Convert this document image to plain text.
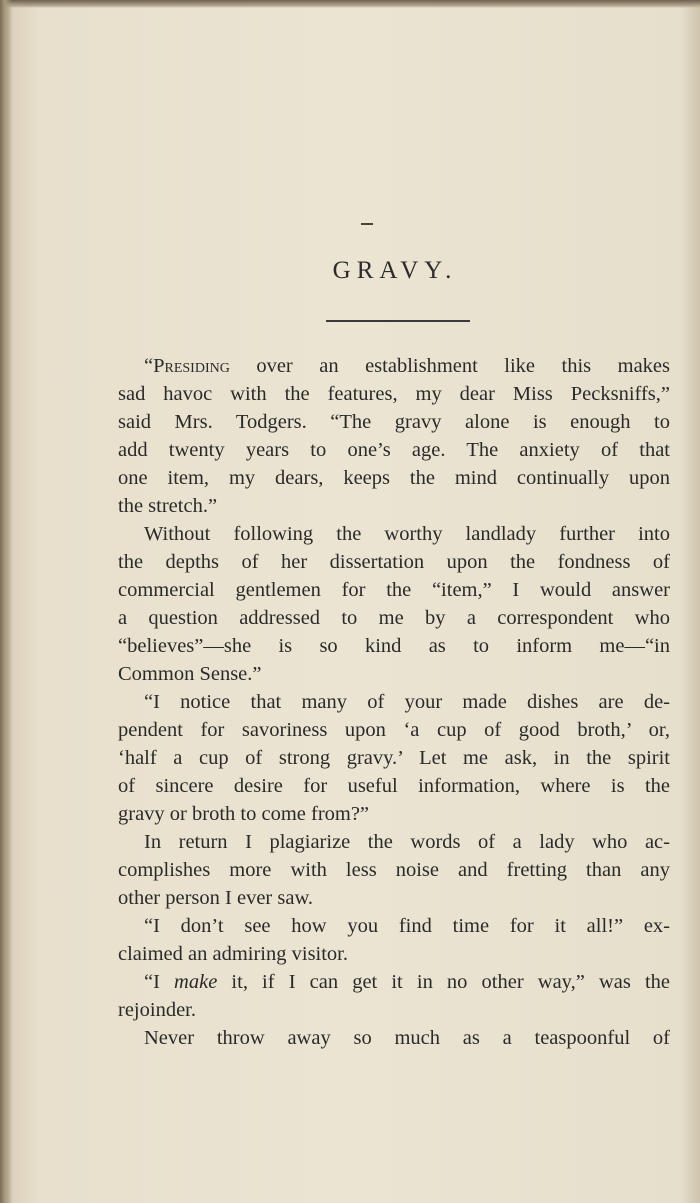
GRAVY.
“Presiding over an establishment like this makes
sad havoc with the features, my dear Miss Pecksniffs,”
said Mrs. Todgers. “The gravy alone is enough to
add twenty years to one’s age. The anxiety of that
one item, my dears, keeps the mind continually upon
the stretch.”
Without following the worthy landlady further into
the depths of her dissertation upon the fondness of
commercial gentlemen for the “item,” I would answer
a question addressed to me by a correspondent who
“believes”—she is so kind as to inform me—“in
Common Sense.”
“I notice that many of your made dishes are de-
pendent for savoriness upon ‘a cup of good broth,’ or,
‘half a cup of strong gravy.’ Let me ask, in the spirit
of sincere desire for useful information, where is the
gravy or broth to come from?”
In return I plagiarize the words of a lady who ac-
complishes more with less noise and fretting than any
other person I ever saw.
“I don’t see how you find time for it all!” ex-
claimed an admiring visitor.
“I make it, if I can get it in no other way,” was the
rejoinder.
Never throw away so much as a teaspoonful of
